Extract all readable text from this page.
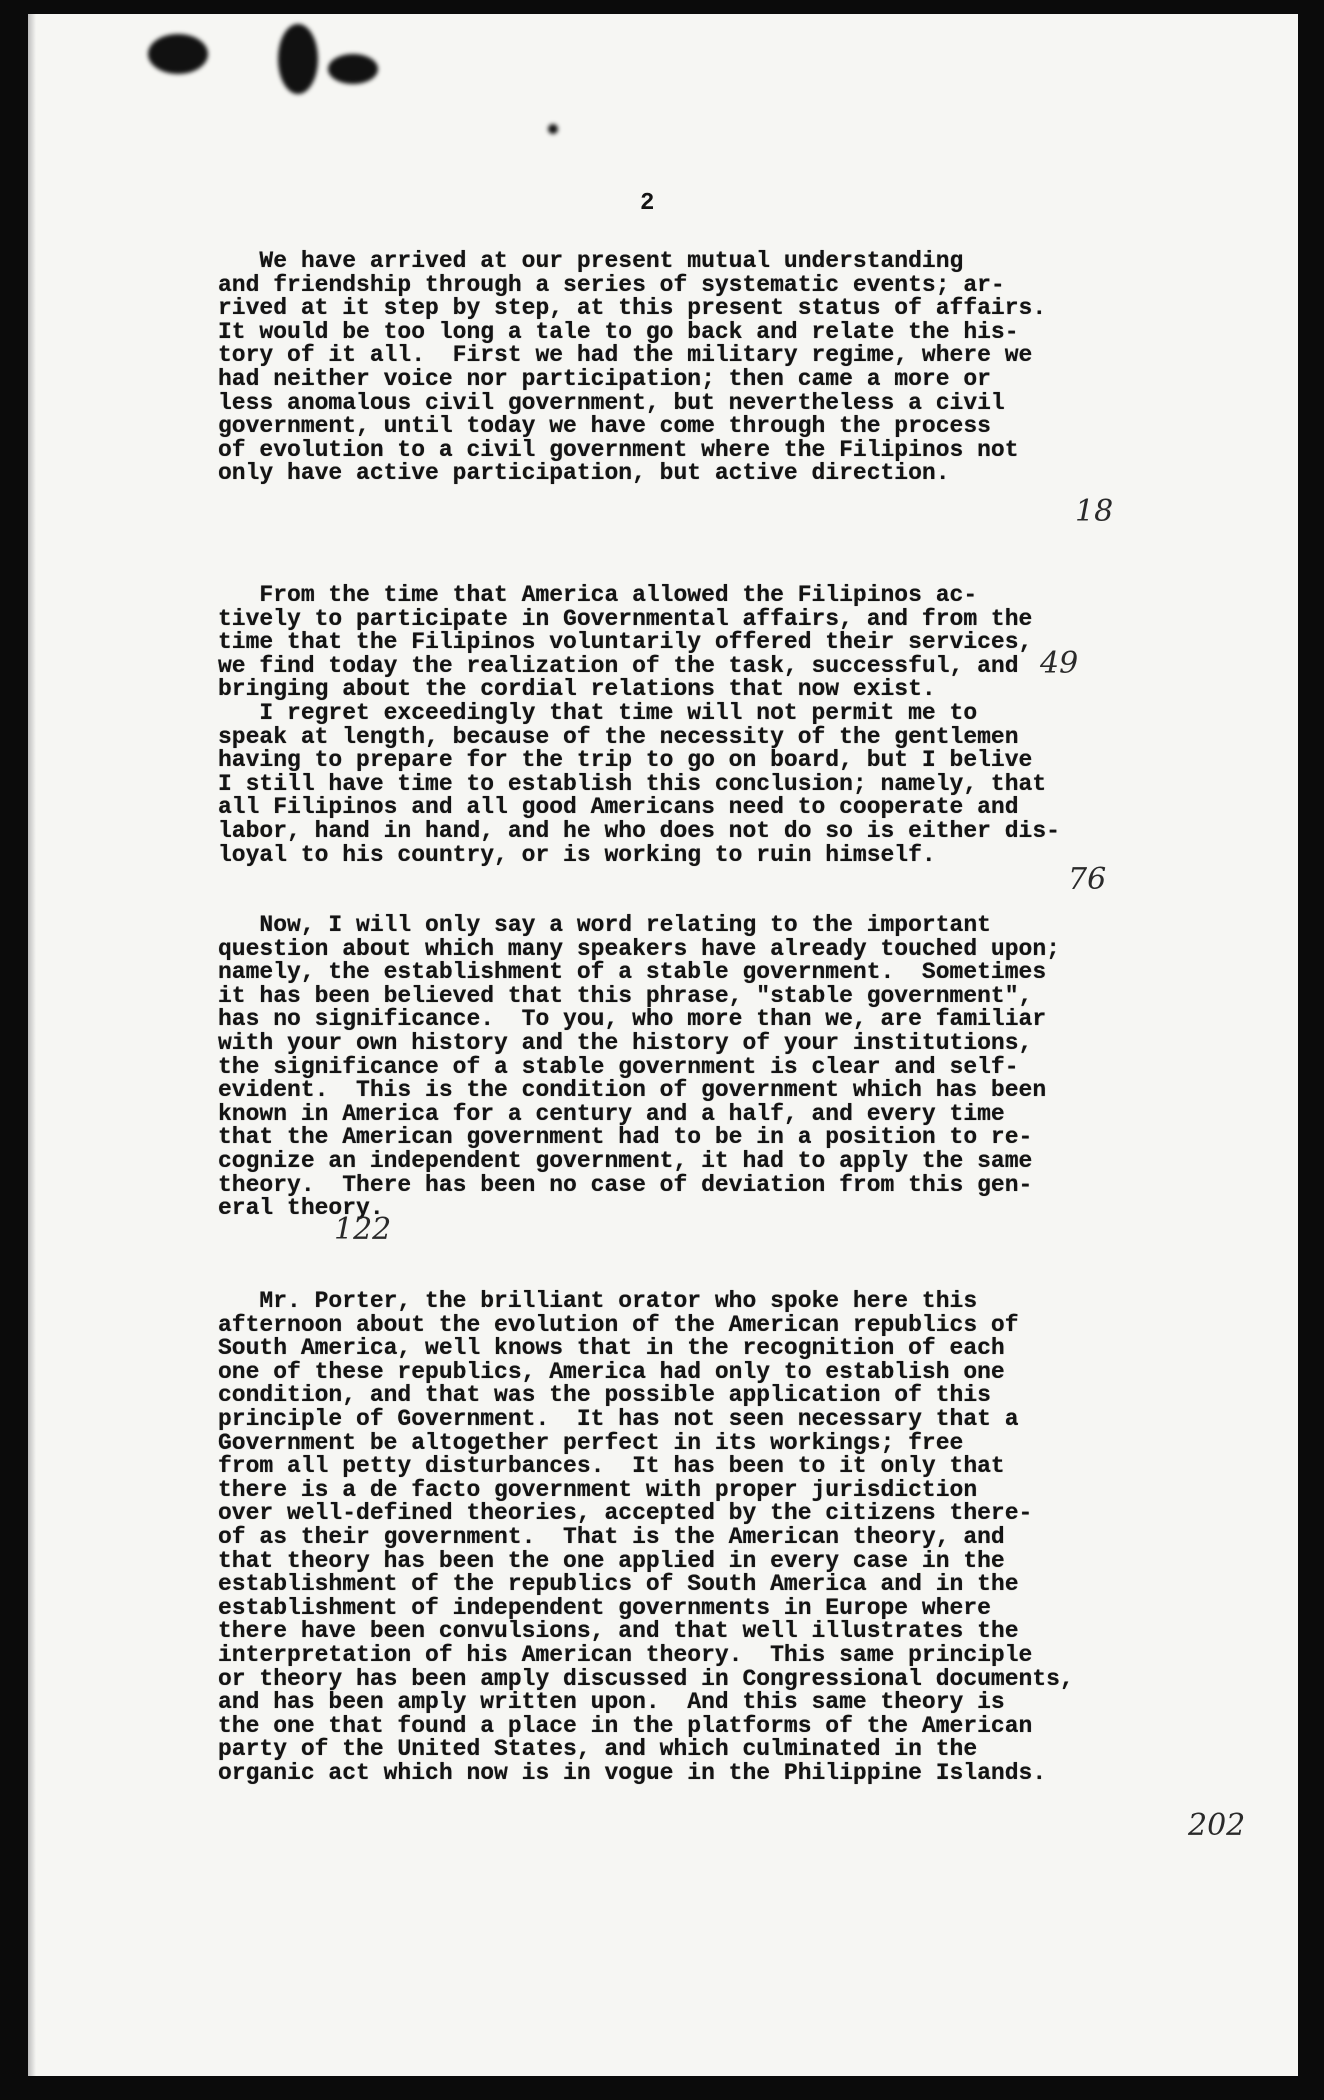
2
We have arrived at our present mutual understanding
and friendship through a series of systematic events; ar-
rived at it step by step, at this present status of affairs.
It would be too long a tale to go back and relate the his-
tory of it all.  First we had the military regime, where we
had neither voice nor participation; then came a more or
less anomalous civil government, but nevertheless a civil
government, until today we have come through the process
of evolution to a civil government where the Filipinos not
only have active participation, but active direction.
From the time that America allowed the Filipinos ac-
tively to participate in Governmental affairs, and from the
time that the Filipinos voluntarily offered their services,
we find today the realization of the task, successful, and
bringing about the cordial relations that now exist.
I regret exceedingly that time will not permit me to
speak at length, because of the necessity of the gentlemen
having to prepare for the trip to go on board, but I belive
I still have time to establish this conclusion; namely, that
all Filipinos and all good Americans need to cooperate and
labor, hand in hand, and he who does not do so is either dis-
loyal to his country, or is working to ruin himself.
Now, I will only say a word relating to the important
question about which many speakers have already touched upon;
namely, the establishment of a stable government.  Sometimes
it has been believed that this phrase, "stable government",
has no significance.  To you, who more than we, are familiar
with your own history and the history of your institutions,
the significance of a stable government is clear and self-
evident.  This is the condition of government which has been
known in America for a century and a half, and every time
that the American government had to be in a position to re-
cognize an independent government, it had to apply the same
theory.  There has been no case of deviation from this gen-
eral theory.
Mr. Porter, the brilliant orator who spoke here this
afternoon about the evolution of the American republics of
South America, well knows that in the recognition of each
one of these republics, America had only to establish one
condition, and that was the possible application of this
principle of Government.  It has not seen necessary that a
Government be altogether perfect in its workings; free
from all petty disturbances.  It has been to it only that
there is a de facto government with proper jurisdiction
over well-defined theories, accepted by the citizens there-
of as their government.  That is the American theory, and
that theory has been the one applied in every case in the
establishment of the republics of South America and in the
establishment of independent governments in Europe where
there have been convulsions, and that well illustrates the
interpretation of his American theory.  This same principle
or theory has been amply discussed in Congressional documents,
and has been amply written upon.  And this same theory is
the one that found a place in the platforms of the American
party of the United States, and which culminated in the
organic act which now is in vogue in the Philippine Islands.
18
49
76
122
202
